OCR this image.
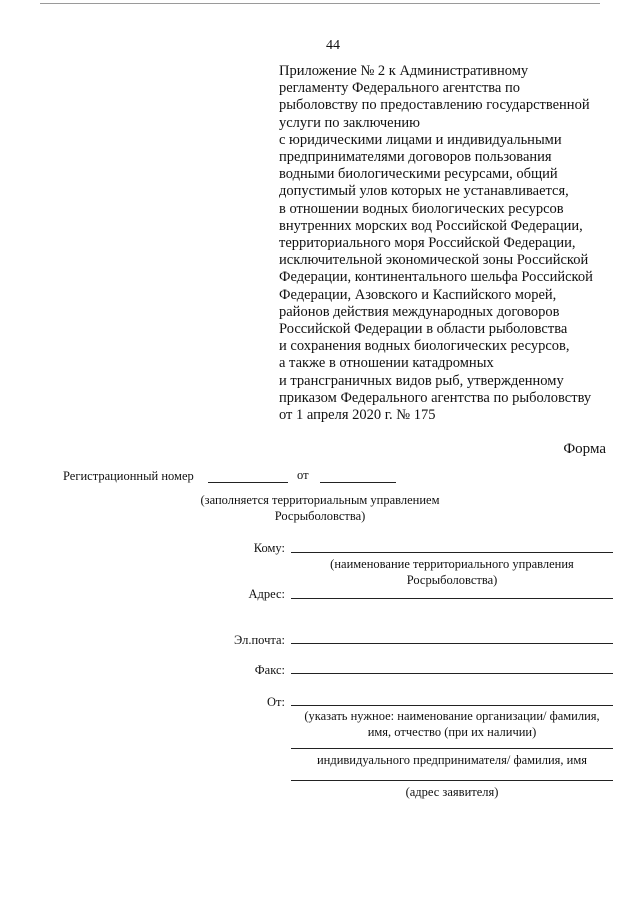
44
Приложение № 2 к Административному
регламенту Федерального агентства по
рыболовству по предоставлению государственной
услуги по заключению
с юридическими лицами и индивидуальными
предпринимателями договоров пользования
водными биологическими ресурсами, общий
допустимый улов которых не устанавливается,
в отношении водных биологических ресурсов
внутренних морских вод Российской Федерации,
территориального моря Российской Федерации,
исключительной экономической зоны Российской
Федерации, континентального шельфа Российской
Федерации, Азовского и Каспийского морей,
районов действия международных договоров
Российской Федерации в области рыболовства
и сохранения водных биологических ресурсов,
а также в отношении катадромных
и трансграничных видов рыб, утвержденному
приказом Федерального агентства по рыболовству
от 1 апреля 2020 г. № 175
Форма
Регистрационный номер	от
(заполняется территориальным управлением
Росрыболовства)
Кому:
(наименование территориального управления
Росрыболовства)
Адрес:
Эл.почта:
Факс:
От:
(указать нужное: наименование организации/ фамилия,
имя, отчество (при их наличии)
индивидуального предпринимателя/ фамилия, имя
(адрес заявителя)
